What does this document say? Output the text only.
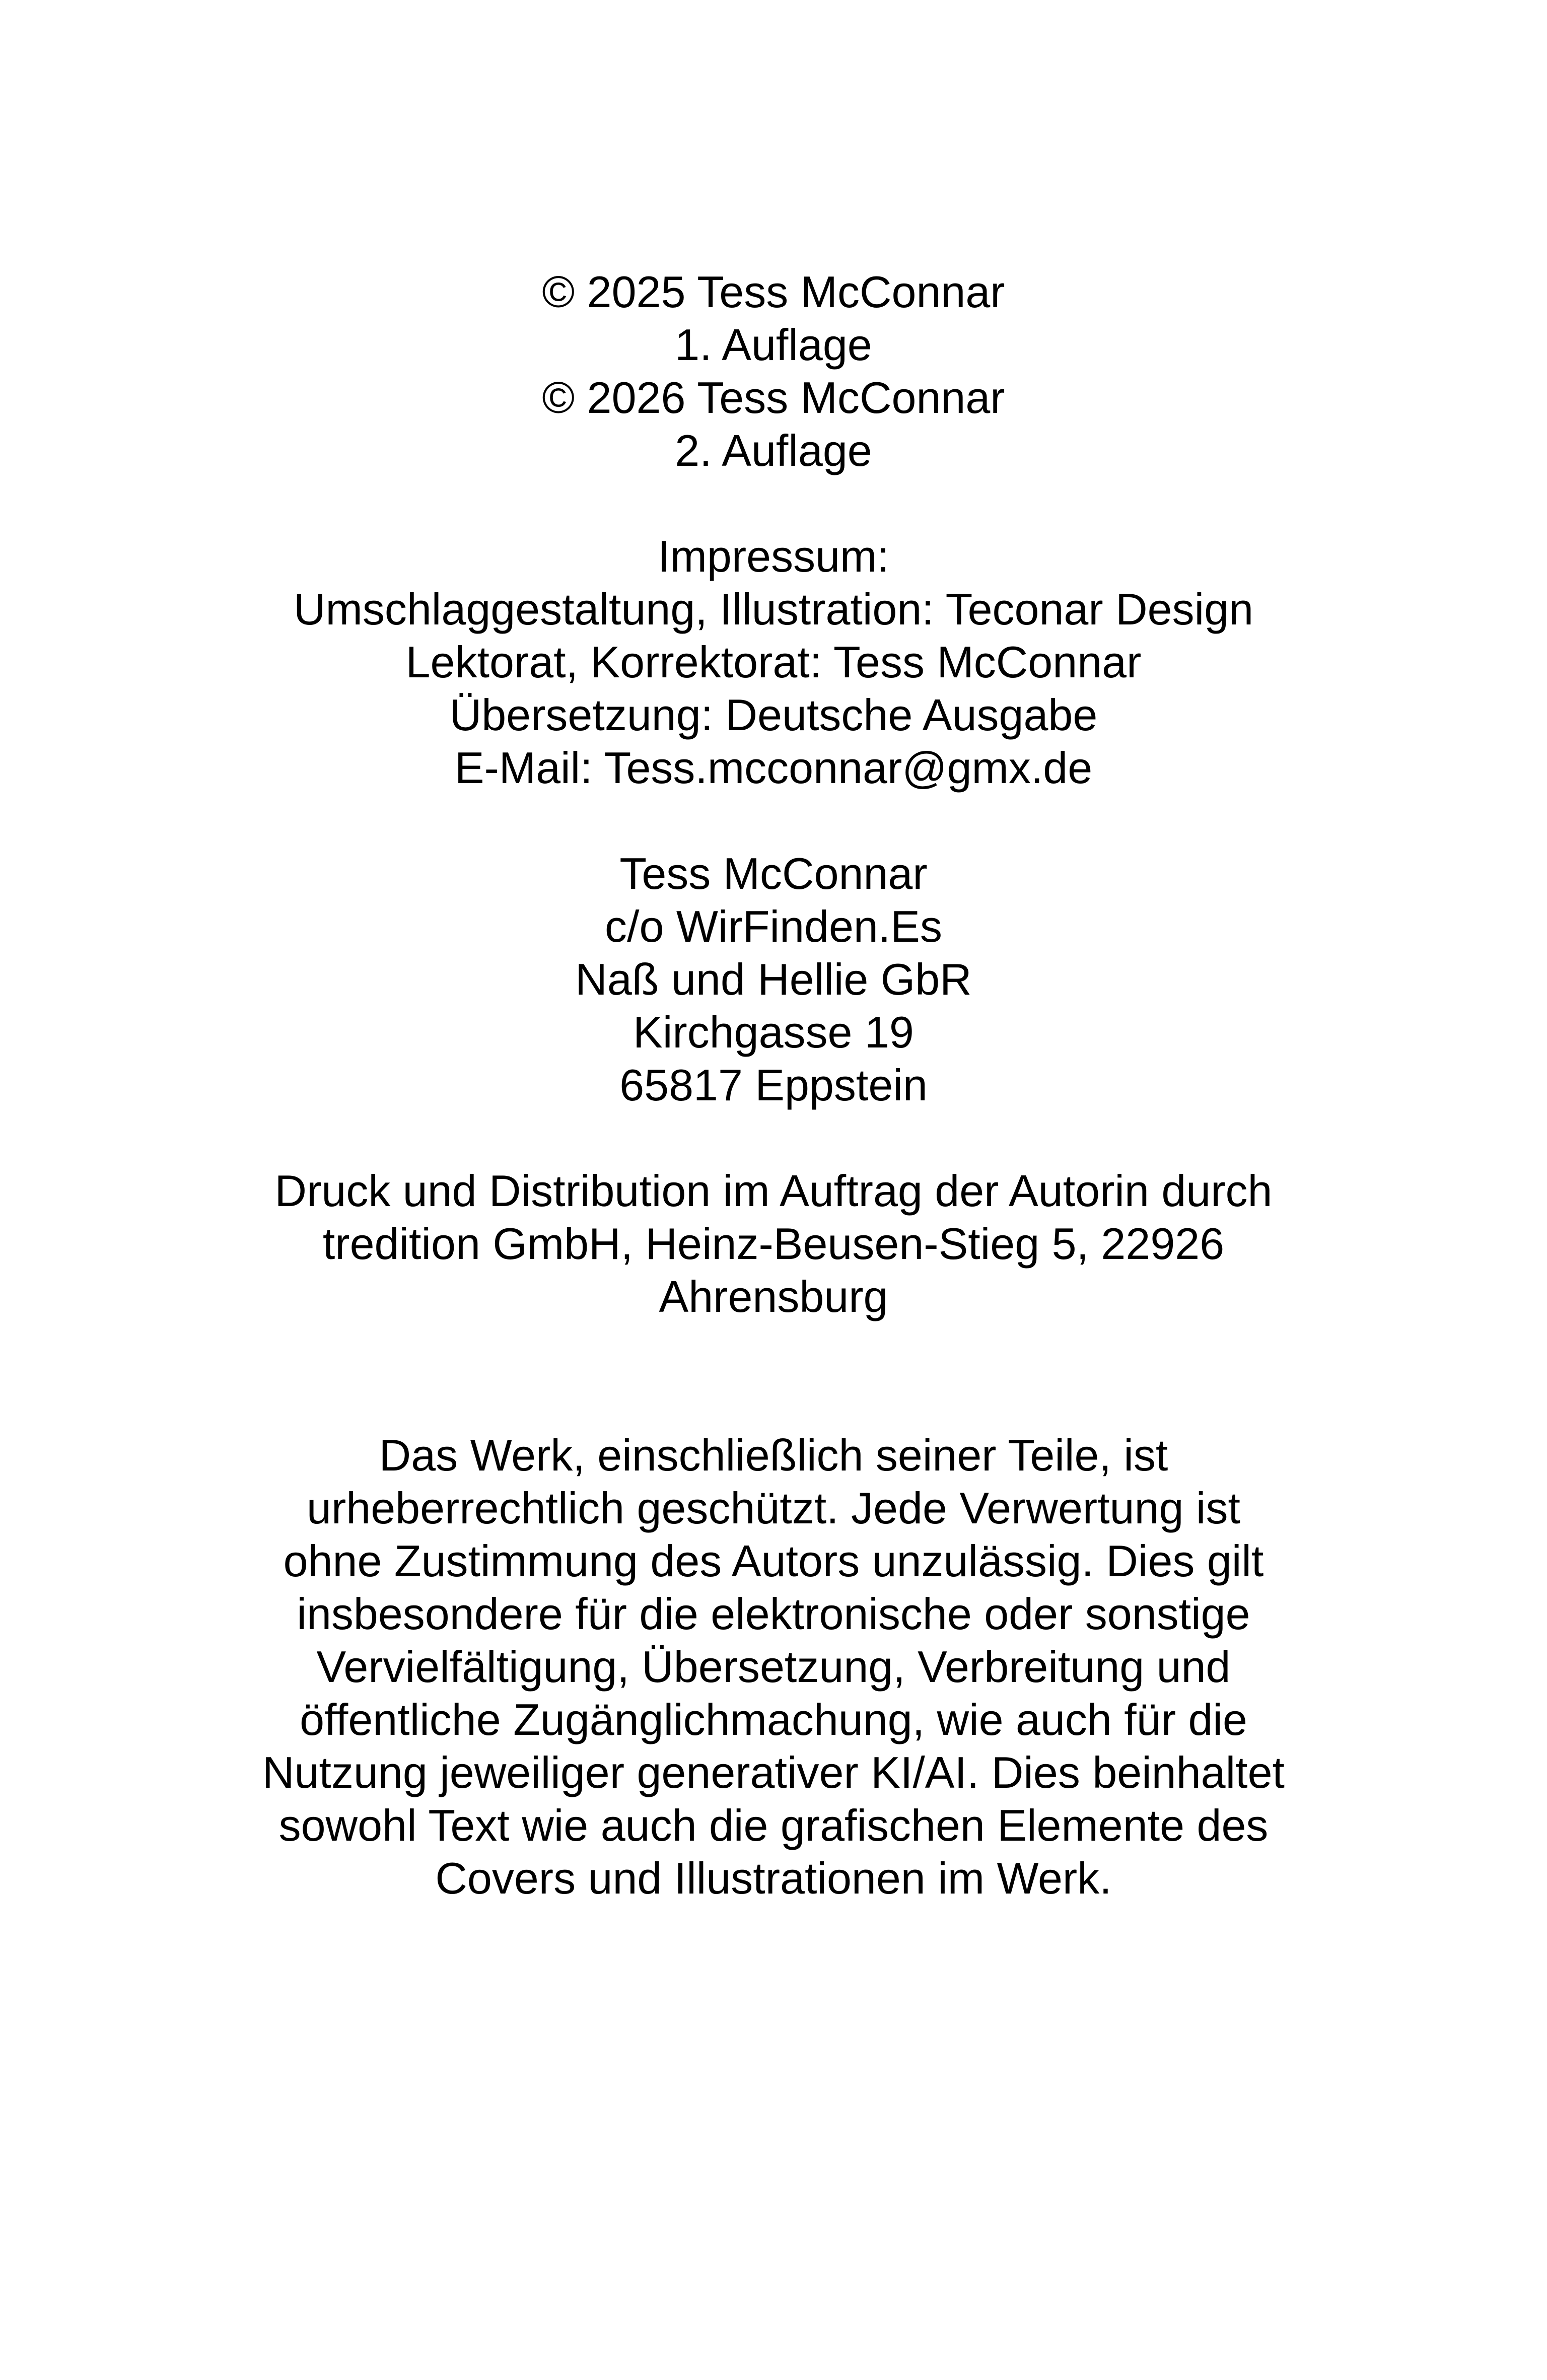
© 2025 Tess McConnar
1. Auflage
© 2026 Tess McConnar
2. Auflage
Impressum:
Umschlaggestaltung, Illustration: Teconar Design
Lektorat, Korrektorat: Tess McConnar
Übersetzung: Deutsche Ausgabe
E-Mail: Tess.mcconnar@gmx.de
Tess McConnar
c/o WirFinden.Es
Naß und Hellie GbR
Kirchgasse 19
65817 Eppstein
Druck und Distribution im Auftrag der Autorin durch
tredition GmbH, Heinz-Beusen-Stieg 5, 22926
Ahrensburg
Das Werk, einschließlich seiner Teile, ist
urheberrechtlich geschützt. Jede Verwertung ist
ohne Zustimmung des Autors unzulässig. Dies gilt
insbesondere für die elektronische oder sonstige
Vervielfältigung, Übersetzung, Verbreitung und
öffentliche Zugänglichmachung, wie auch für die
Nutzung jeweiliger generativer KI/AI. Dies beinhaltet
sowohl Text wie auch die grafischen Elemente des
Covers und Illustrationen im Werk.
